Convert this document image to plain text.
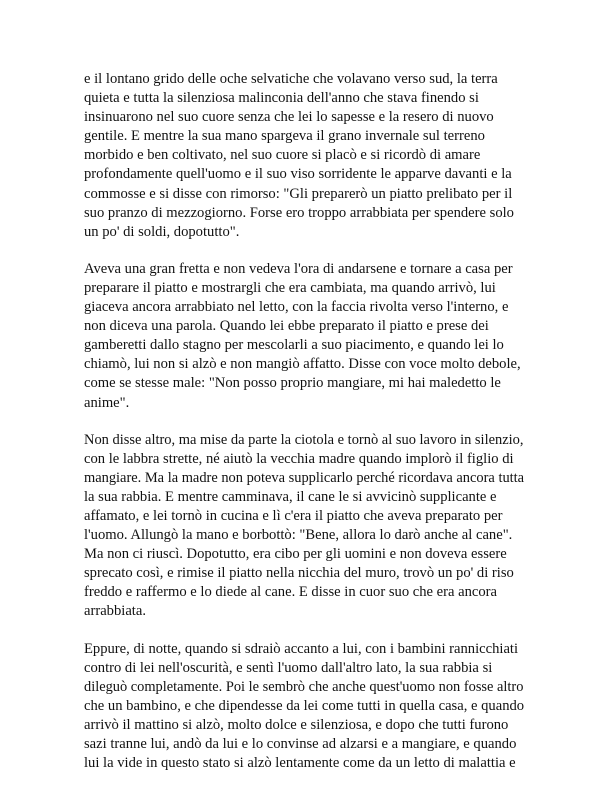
e il lontano grido delle oche selvatiche che volavano verso sud, la terra
quieta e tutta la silenziosa malinconia dell'anno che stava finendo si
insinuarono nel suo cuore senza che lei lo sapesse e la resero di nuovo
gentile. E mentre la sua mano spargeva il grano invernale sul terreno
morbido e ben coltivato, nel suo cuore si placò e si ricordò di amare
profondamente quell'uomo e il suo viso sorridente le apparve davanti e la
commosse e si disse con rimorso: "Gli preparerò un piatto prelibato per il
suo pranzo di mezzogiorno. Forse ero troppo arrabbiata per spendere solo
un po' di soldi, dopotutto".

Aveva una gran fretta e non vedeva l'ora di andarsene e tornare a casa per
preparare il piatto e mostrargli che era cambiata, ma quando arrivò, lui
giaceva ancora arrabbiato nel letto, con la faccia rivolta verso l'interno, e
non diceva una parola. Quando lei ebbe preparato il piatto e prese dei
gamberetti dallo stagno per mescolarli a suo piacimento, e quando lei lo
chiamò, lui non si alzò e non mangiò affatto. Disse con voce molto debole,
come se stesse male: "Non posso proprio mangiare, mi hai maledetto le
anime".

Non disse altro, ma mise da parte la ciotola e tornò al suo lavoro in silenzio,
con le labbra strette, né aiutò la vecchia madre quando implorò il figlio di
mangiare. Ma la madre non poteva supplicarlo perché ricordava ancora tutta
la sua rabbia. E mentre camminava, il cane le si avvicinò supplicante e
affamato, e lei tornò in cucina e lì c'era il piatto che aveva preparato per
l'uomo. Allungò la mano e borbottò: "Bene, allora lo darò anche al cane".
Ma non ci riuscì. Dopotutto, era cibo per gli uomini e non doveva essere
sprecato così, e rimise il piatto nella nicchia del muro, trovò un po' di riso
freddo e raffermo e lo diede al cane. E disse in cuor suo che era ancora
arrabbiata.

Eppure, di notte, quando si sdraiò accanto a lui, con i bambini rannicchiati
contro di lei nell'oscurità, e sentì l'uomo dall'altro lato, la sua rabbia si
dileguò completamente. Poi le sembrò che anche quest'uomo non fosse altro
che un bambino, e che dipendesse da lei come tutti in quella casa, e quando
arrivò il mattino si alzò, molto dolce e silenziosa, e dopo che tutti furono
sazi tranne lui, andò da lui e lo convinse ad alzarsi e a mangiare, e quando
lui la vide in questo stato si alzò lentamente come da un letto di malattia e
